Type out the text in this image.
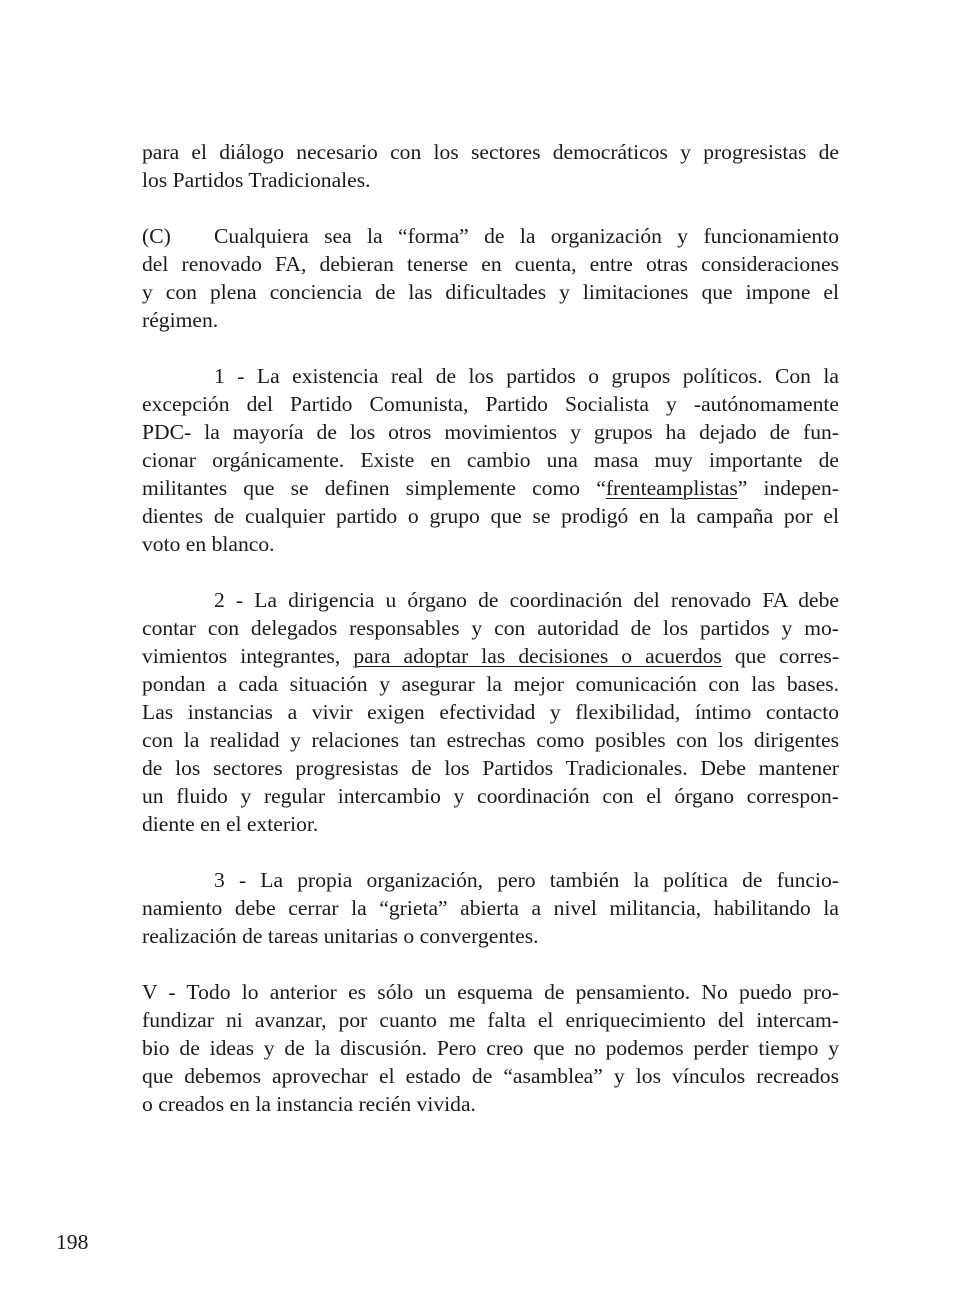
para el diálogo necesario con los sectores democráticos y progresistas de
los Partidos Tradicionales.
(C) Cualquiera sea la “forma” de la organización y funcionamiento
del renovado FA, debieran tenerse en cuenta, entre otras consideraciones
y con plena conciencia de las dificultades y limitaciones que impone el
régimen.
1 - La existencia real de los partidos o grupos políticos. Con la
excepción del Partido Comunista, Partido Socialista y -autónomamente
PDC- la mayoría de los otros movimientos y grupos ha dejado de fun-
cionar orgánicamente. Existe en cambio una masa muy importante de
militantes que se definen simplemente como “frenteamplistas” indepen-
dientes de cualquier partido o grupo que se prodigó en la campaña por el
voto en blanco.
2 - La dirigencia u órgano de coordinación del renovado FA debe
contar con delegados responsables y con autoridad de los partidos y mo-
vimientos integrantes, para adoptar las decisiones o acuerdos que corres-
pondan a cada situación y asegurar la mejor comunicación con las bases.
Las instancias a vivir exigen efectividad y flexibilidad, íntimo contacto
con la realidad y relaciones tan estrechas como posibles con los dirigentes
de los sectores progresistas de los Partidos Tradicionales. Debe mantener
un fluido y regular intercambio y coordinación con el órgano correspon-
diente en el exterior.
3 - La propia organización, pero también la política de funcio-
namiento debe cerrar la “grieta” abierta a nivel militancia, habilitando la
realización de tareas unitarias o convergentes.
V - Todo lo anterior es sólo un esquema de pensamiento. No puedo pro-
fundizar ni avanzar, por cuanto me falta el enriquecimiento del intercam-
bio de ideas y de la discusión. Pero creo que no podemos perder tiempo y
que debemos aprovechar el estado de “asamblea” y los vínculos recreados
o creados en la instancia recién vivida.
198
